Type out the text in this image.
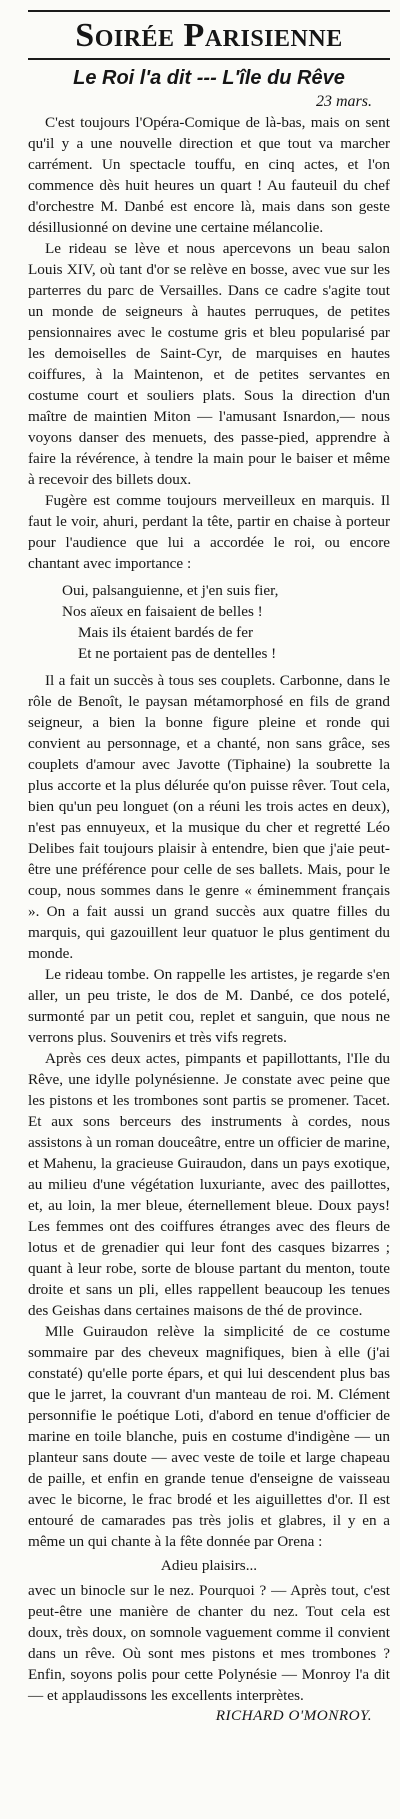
Soirée Parisienne
Le Roi l'a dit --- L'île du Rêve
23 mars.

C'est toujours l'Opéra-Comique de là-bas, mais on sent qu'il y a une nouvelle direction et que tout va marcher carrément. Un spectacle touffu, en cinq actes, et l'on commence dès huit heures un quart ! Au fauteuil du chef d'orchestre M. Danbé est encore là, mais dans son geste désillusionné on devine une certaine mélancolie.

Le rideau se lève et nous apercevons un beau salon Louis XIV, où tant d'or se relève en bosse, avec vue sur les parterres du parc de Versailles. Dans ce cadre s'agite tout un monde de seigneurs à hautes perruques, de petites pensionnaires avec le costume gris et bleu popularisé par les demoiselles de Saint-Cyr, de marquises en hautes coiffures, à la Maintenon, et de petites servantes en costume court et souliers plats. Sous la direction d'un maître de maintien Miton — l'amusant Isnardon,— nous voyons danser des menuets, des passe-pied, apprendre à faire la révérence, à tendre la main pour le baiser et même à recevoir des billets doux.

Fugère est comme toujours merveilleux en marquis. Il faut le voir, ahuri, perdant la tête, partir en chaise à porteur pour l'audience que lui a accordée le roi, ou encore chantant avec importance :

Oui, palsanguienne, et j'en suis fier,
Nos aïeux en faisaient de belles !
Mais ils étaient bardés de fer
Et ne portaient pas de dentelles !

Il a fait un succès à tous ses couplets. Carbonne, dans le rôle de Benoît, le paysan métamorphosé en fils de grand seigneur, a bien la bonne figure pleine et ronde qui convient au personnage, et a chanté, non sans grâce, ses couplets d'amour avec Javotte (Tiphaine) la soubrette la plus accorte et la plus délurée qu'on puisse rêver. Tout cela, bien qu'un peu longuet (on a réuni les trois actes en deux), n'est pas ennuyeux, et la musique du cher et regretté Léo Delibes fait toujours plaisir à entendre, bien que j'aie peut-être une préférence pour celle de ses ballets. Mais, pour le coup, nous sommes dans le genre « éminemment français ». On a fait aussi un grand succès aux quatre filles du marquis, qui gazouillent leur quatuor le plus gentiment du monde.

Le rideau tombe. On rappelle les artistes, je regarde s'en aller, un peu triste, le dos de M. Danbé, ce dos potelé, surmonté par un petit cou, replet et sanguin, que nous ne verrons plus. Souvenirs et très vifs regrets.

Après ces deux actes, pimpants et papillottants, l'Ile du Rêve, une idylle polynésienne. Je constate avec peine que les pistons et les trombones sont partis se promener. Tacet. Et aux sons berceurs des instruments à cordes, nous assistons à un roman douceâtre, entre un officier de marine, et Mahenu, la gracieuse Guiraudon, dans un pays exotique, au milieu d'une végétation luxuriante, avec des paillottes, et, au loin, la mer bleue, éternellement bleue. Doux pays! Les femmes ont des coiffures étranges avec des fleurs de lotus et de grenadier qui leur font des casques bizarres ; quant à leur robe, sorte de blouse partant du menton, toute droite et sans un pli, elles rappellent beaucoup les tenues des Geishas dans certaines maisons de thé de province.

Mlle Guiraudon relève la simplicité de ce costume sommaire par des cheveux magnifiques, bien à elle (j'ai constaté) qu'elle porte épars, et qui lui descendent plus bas que le jarret, la couvrant d'un manteau de roi. M. Clément personnifie le poétique Loti, d'abord en tenue d'officier de marine en toile blanche, puis en costume d'indigène — un planteur sans doute — avec veste de toile et large chapeau de paille, et enfin en grande tenue d'enseigne de vaisseau avec le bicorne, le frac brodé et les aiguillettes d'or. Il est entouré de camarades pas très jolis et glabres, il y en a même un qui chante à la fête donnée par Orena :

Adieu plaisirs...

avec un binocle sur le nez. Pourquoi ? — Après tout, c'est peut-être une manière de chanter du nez. Tout cela est doux, très doux, on somnole vaguement comme il convient dans un rêve. Où sont mes pistons et mes trombones ? Enfin, soyons polis pour cette Polynésie — Monroy l'a dit — et applaudissons les excellents interprètes.

RICHARD O'MONROY.
